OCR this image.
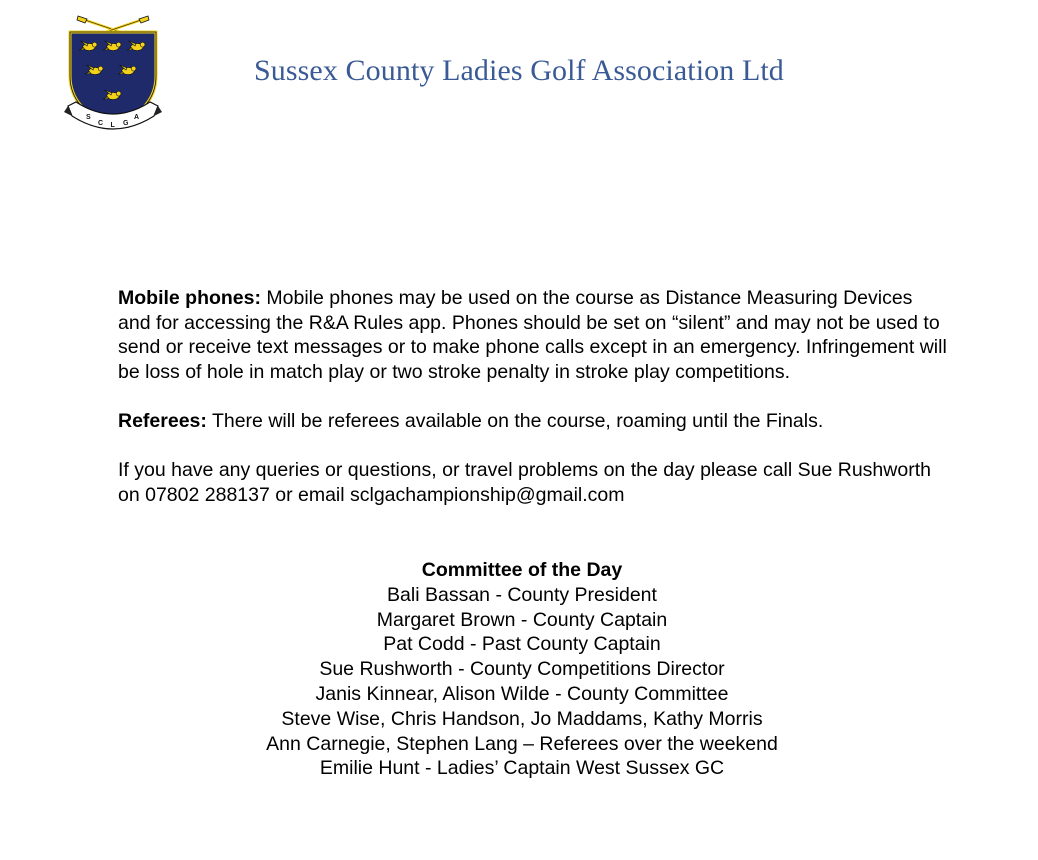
S
C L G
A
Sussex County Ladies Golf Association Ltd

Mobile phones: Mobile phones may be used on the course as Distance Measuring Devices and for accessing the R&A Rules app. Phones should be set on “silent” and may not be used to send or receive text messages or to make phone calls except in an emergency. Infringement will be loss of hole in match play or two stroke penalty in stroke play competitions.

Referees: There will be referees available on the course, roaming until the Finals.

If you have any queries or questions, or travel problems on the day please call Sue Rushworth on 07802 288137 or email sclgachampionship@gmail.com

Committee of the Day
Bali Bassan - County President
Margaret Brown - County Captain
Pat Codd - Past County Captain
Sue Rushworth - County Competitions Director
Janis Kinnear, Alison Wilde - County Committee
Steve Wise, Chris Handson, Jo Maddams, Kathy Morris
Ann Carnegie, Stephen Lang – Referees over the weekend
Emilie Hunt - Ladies’ Captain West Sussex GC
